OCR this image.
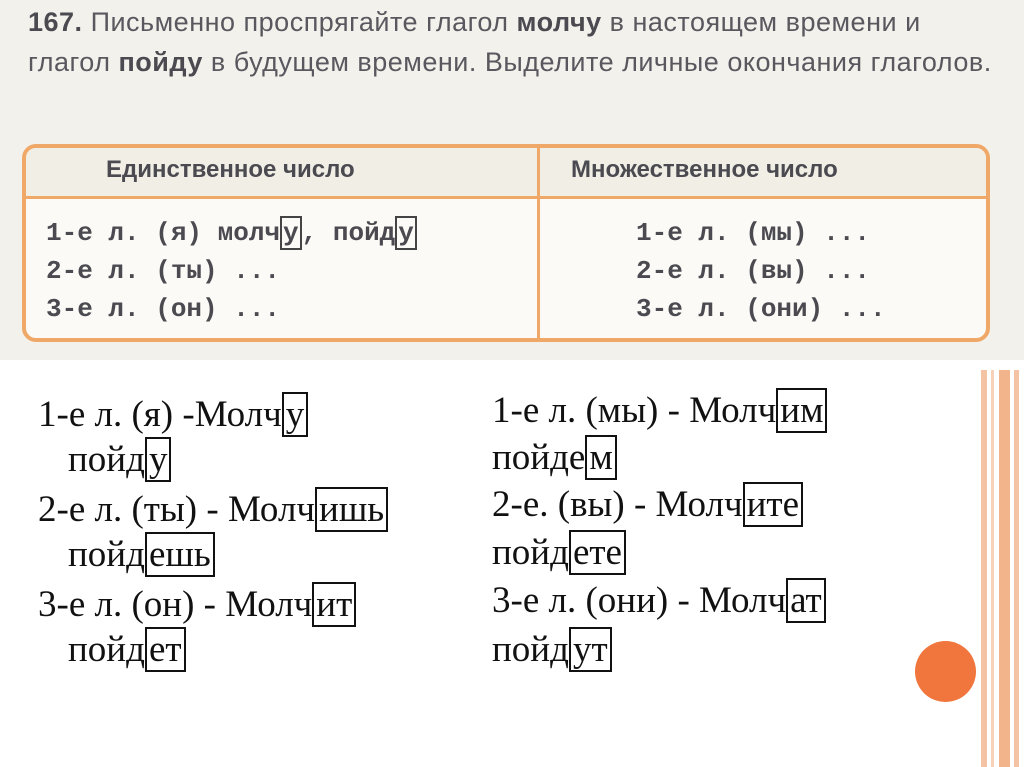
167. Письменно проспрягайте глагол молчу в настоящем времени и глагол пойду в будущем времени. Выделите личные окончания глаголов.
Единственное число	Множественное число
1-е л. (я) молч у , пойд у
2-е л. (ты) ...
3-е л. (он) ...
1-е л. (мы) ...
2-е л. (вы) ...
3-е л. (они) ...
1-е л. (я) -Молч у
пойд у
2-е л. (ты) - Молч ишь
пойд ешь
3-е л. (он) - Молч ит
пойд ет
1-е л. (мы) - Молч им
пойде м
2-е. (вы) - Молч ите
пойд ете
3-е л. (они) - Молч ат
пойд ут
